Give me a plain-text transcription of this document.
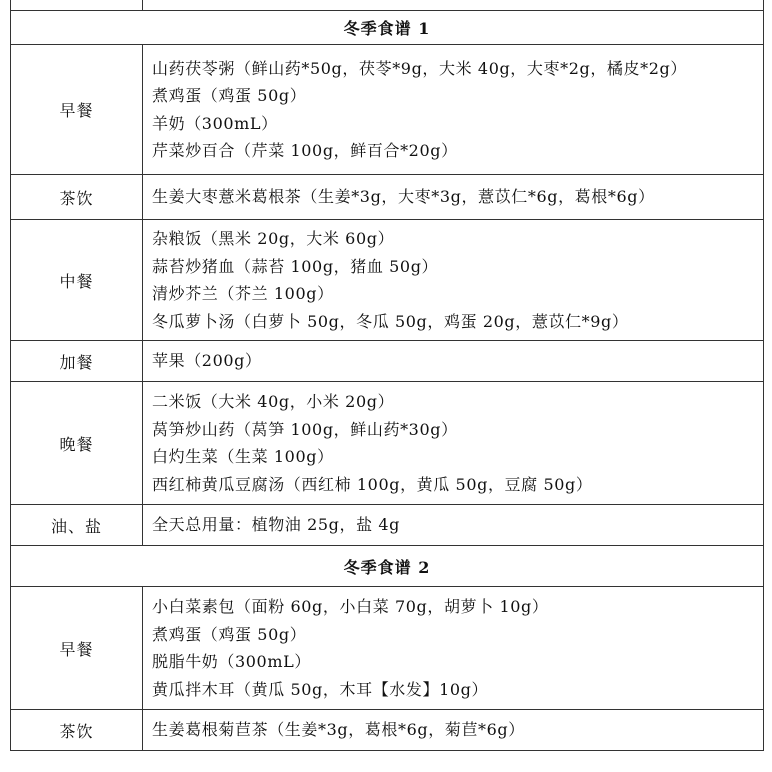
冬季食谱 1	
早餐	山药茯苓粥（鲜山药*50g，茯苓*9g，大米 40g，大枣*2g，橘皮*2g）
煮鸡蛋（鸡蛋 50g）
羊奶（300mL）
芹菜炒百合（芹菜 100g，鲜百合*20g）

茶饮	生姜大枣薏米葛根茶（生姜*3g，大枣*3g，薏苡仁*6g，葛根*6g）

中餐	杂粮饭（黑米 20g，大米 60g）
蒜苔炒猪血（蒜苔 100g，猪血 50g）
清炒芥兰（芥兰 100g）
冬瓜萝卜汤（白萝卜 50g，冬瓜 50g，鸡蛋 20g，薏苡仁*9g）

加餐	苹果（200g）

晚餐	二米饭（大米 40g，小米 20g）
莴笋炒山药（莴笋 100g，鲜山药*30g）
白灼生菜（生菜 100g）
西红柿黄瓜豆腐汤（西红柿 100g，黄瓜 50g，豆腐 50g）

油、盐	全天总用量：植物油 25g，盐 4g

冬季食谱 2	
早餐	小白菜素包（面粉 60g，小白菜 70g，胡萝卜 10g）
煮鸡蛋（鸡蛋 50g）
脱脂牛奶（300mL）
黄瓜拌木耳（黄瓜 50g，木耳【水发】10g）

茶饮	生姜葛根菊苣茶（生姜*3g，葛根*6g，菊苣*6g）
